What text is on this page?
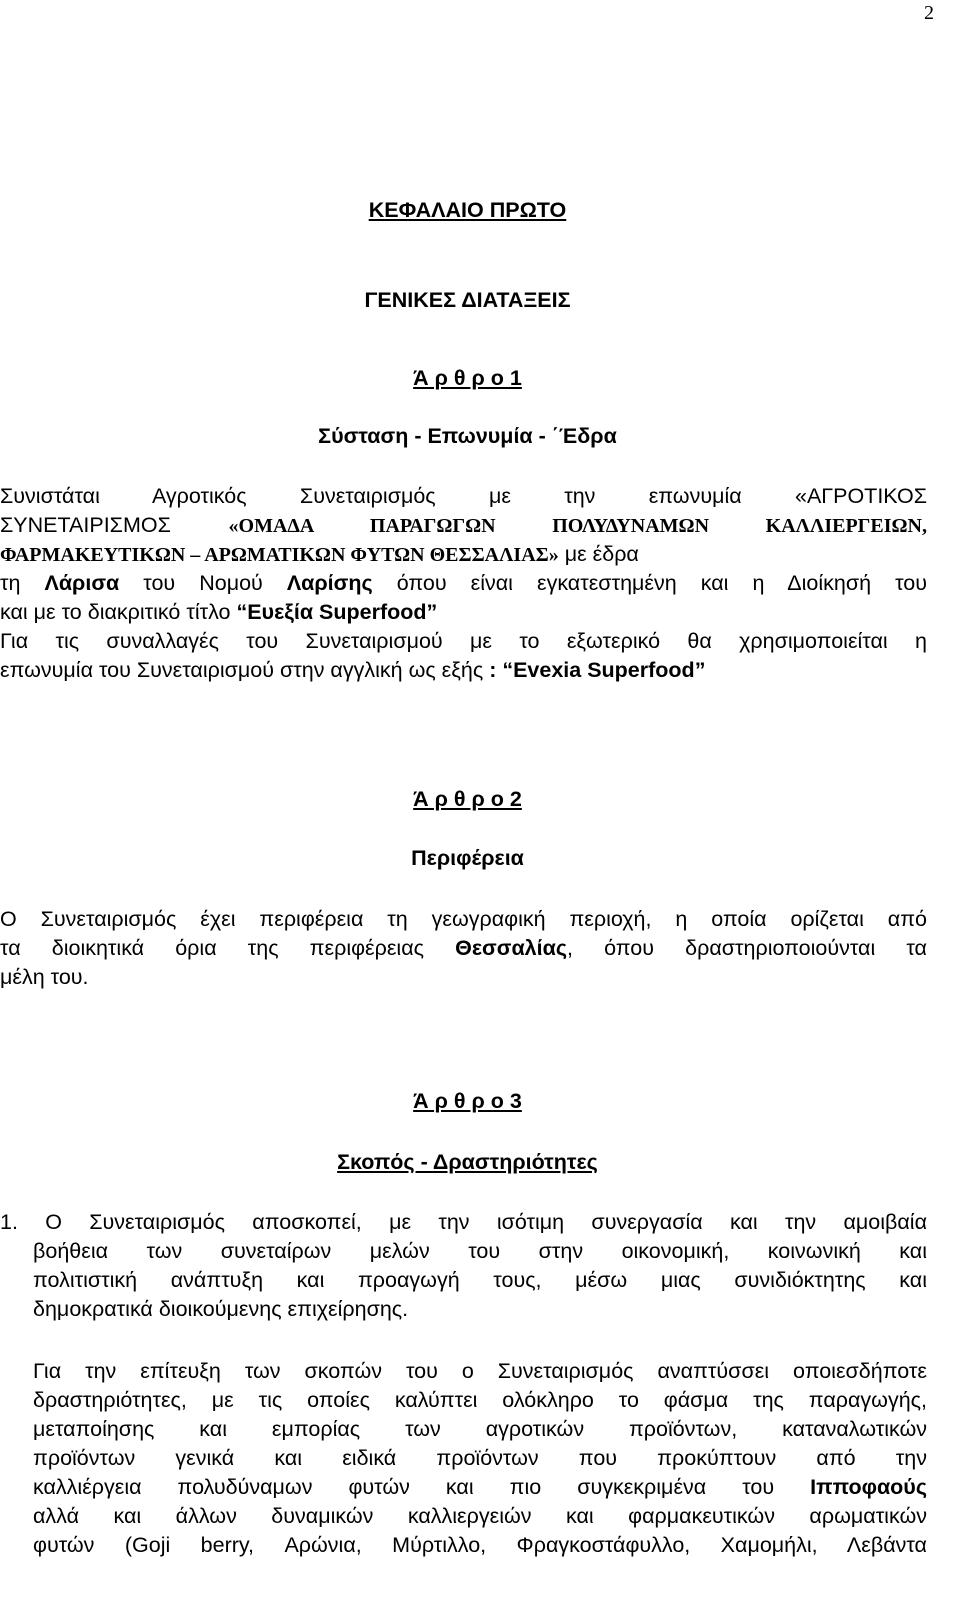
2
ΚΕΦΑΛΑΙΟ ΠΡΩΤΟ
ΓΕΝΙΚΕΣ ΔΙΑΤΑΞΕΙΣ
Ά ρ θ ρ ο 1
Σύσταση - Επωνυμία - ΄Έδρα
Συνιστάται Αγροτικός Συνεταιρισμός με την επωνυμία «ΑΓΡΟΤΙΚΟΣ
ΣΥΝΕΤΑΙΡΙΣΜΟΣ «ΟΜΑΔΑ ΠΑΡΑΓΩΓΩΝ ΠΟΛΥΔΥΝΑΜΩΝ ΚΑΛΛΙΕΡΓΕΙΩΝ,
ΦΑΡΜΑΚΕΥΤΙΚΩΝ – ΑΡΩΜΑΤΙΚΩΝ ΦΥΤΩΝ ΘΕΣΣΑΛΙΑΣ» με έδρα
τη Λάρισα του Νομού Λαρίσης όπου είναι εγκατεστημένη και η Διοίκησή του
και με το διακριτικό τίτλο “Ευεξία Superfood”
Για τις συναλλαγές του Συνεταιρισμού με το εξωτερικό θα χρησιμοποιείται η
επωνυμία του Συνεταιρισμού στην αγγλική ως εξής : “Evexia Superfood”
Ά ρ θ ρ ο 2
Περιφέρεια
Ο Συνεταιρισμός έχει περιφέρεια τη γεωγραφική περιοχή, η οποία ορίζεται από
τα διοικητικά όρια της περιφέρειας Θεσσαλίας, όπου δραστηριοποιούνται τα
μέλη του.
Ά ρ θ ρ ο 3
Σκοπός - Δραστηριότητες
1. Ο Συνεταιρισμός αποσκοπεί, με την ισότιμη συνεργασία και την αμοιβαία
βοήθεια των συνεταίρων μελών του στην οικονομική, κοινωνική και
πολιτιστική ανάπτυξη και προαγωγή τους, μέσω μιας συνιδιόκτητης και
δημοκρατικά διοικούμενης επιχείρησης.
Για την επίτευξη των σκοπών του ο Συνεταιρισμός αναπτύσσει οποιεσδήποτε
δραστηριότητες, με τις οποίες καλύπτει ολόκληρο το φάσμα της παραγωγής,
μεταποίησης και εμπορίας των αγροτικών προϊόντων, καταναλωτικών
προϊόντων γενικά και ειδικά προϊόντων που προκύπτουν από την
καλλιέργεια πολυδύναμων φυτών και πιο συγκεκριμένα του Ιπποφαούς
αλλά και άλλων δυναμικών καλλιεργειών και φαρμακευτικών αρωματικών
φυτών (Goji berry, Αρώνια, Μύρτιλλο, Φραγκοστάφυλλο, Χαμομήλι, Λεβάντα
